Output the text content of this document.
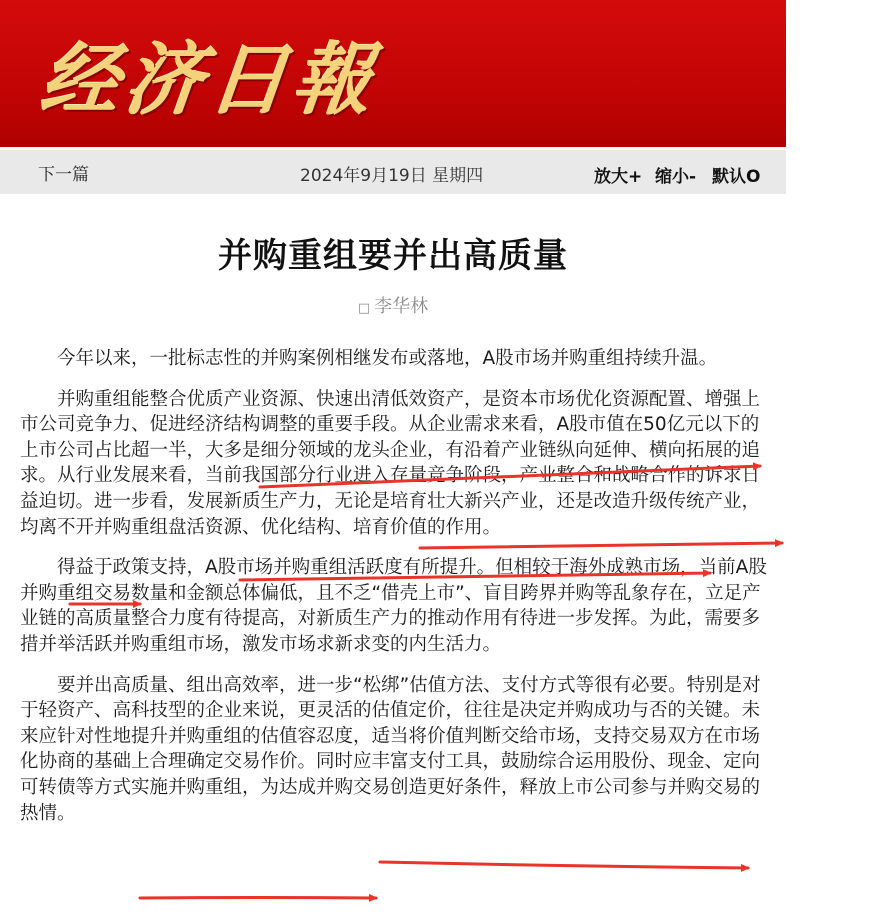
经济日報
下一篇	2024年9月19日 星期四	放大+ 缩小- 默认O
并购重组要并出高质量
□ 李华林

今年以来，一批标志性的并购案例相继发布或落地，A股市场并购重组持续升温。

并购重组能整合优质产业资源、快速出清低效资产，是资本市场优化资源配置、增强上市公司竞争力、促进经济结构调整的重要手段。从企业需求来看，A股市值在50亿元以下的上市公司占比超一半，大多是细分领域的龙头企业，有沿着产业链纵向延伸、横向拓展的追求。从行业发展来看，当前我国部分行业进入存量竞争阶段，产业整合和战略合作的诉求日益迫切。进一步看，发展新质生产力，无论是培育壮大新兴产业，还是改造升级传统产业，均离不开并购重组盘活资源、优化结构、培育价值的作用。

得益于政策支持，A股市场并购重组活跃度有所提升。但相较于海外成熟市场，当前A股并购重组交易数量和金额总体偏低，且不乏“借壳上市”、盲目跨界并购等乱象存在，立足产业链的高质量整合力度有待提高，对新质生产力的推动作用有待进一步发挥。为此，需要多措并举活跃并购重组市场，激发市场求新求变的内生活力。

要并出高质量、组出高效率，进一步“松绑”估值方法、支付方式等很有必要。特别是对于轻资产、高科技型的企业来说，更灵活的估值定价，往往是决定并购成功与否的关键。未来应针对性地提升并购重组的估值容忍度，适当将价值判断交给市场，支持交易双方在市场化协商的基础上合理确定交易作价。同时应丰富支付工具，鼓励综合运用股份、现金、定向可转债等方式实施并购重组，为达成并购交易创造更好条件，释放上市公司参与并购交易的热情。
